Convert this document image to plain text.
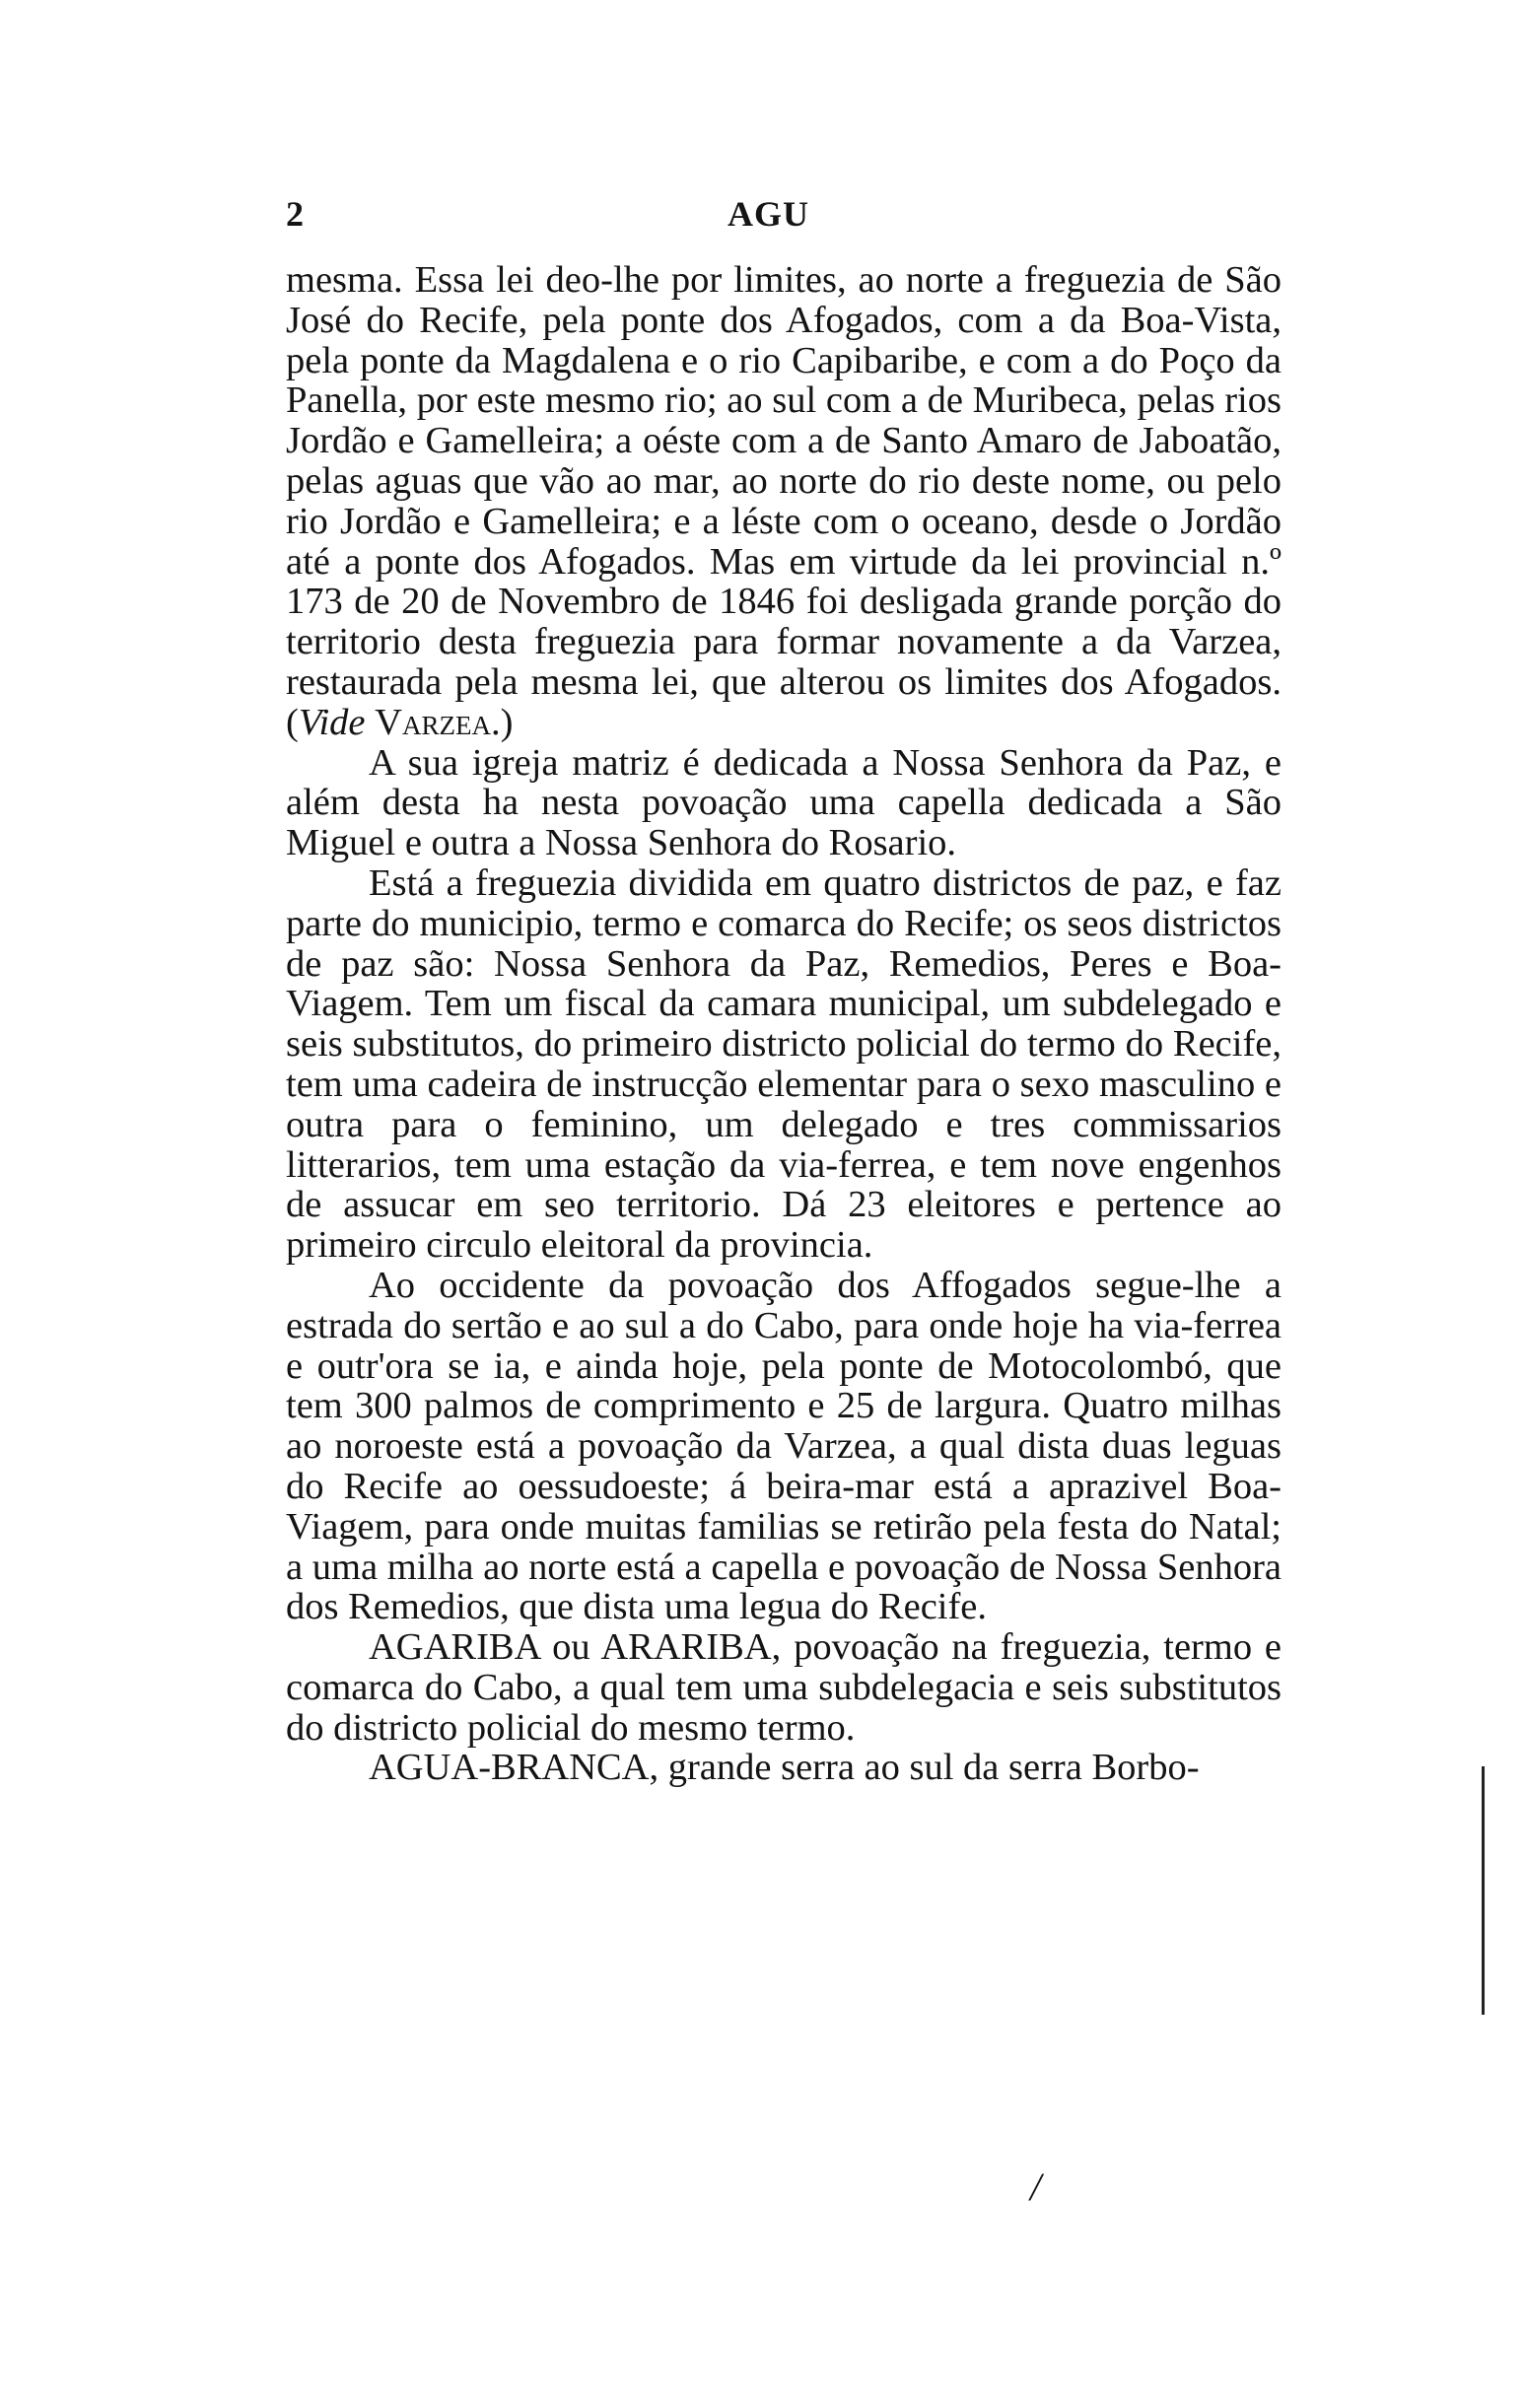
2	AGU

mesma. Essa lei deo-lhe por limites, ao norte a freguezia de São José do Recife, pela ponte dos Afogados, com a da Boa-Vista, pela ponte da Magdalena e o rio Capibaribe, e com a do Poço da Panella, por este mesmo rio; ao sul com a de Muribeca, pelas rios Jordão e Gamelleira; a oéste com a de Santo Amaro de Jaboatão, pelas aguas que vão ao mar, ao norte do rio deste nome, ou pelo rio Jordão e Gamelleira; e a léste com o oceano, desde o Jordão até a ponte dos Afogados. Mas em virtude da lei provincial n.º 173 de 20 de Novembro de 1846 foi desligada grande porção do territorio desta freguezia para formar novamente a da Varzea, restaurada pela mesma lei, que alterou os limites dos Afogados. (Vide Varzea.)

A sua igreja matriz é dedicada a Nossa Senhora da Paz, e além desta ha nesta povoação uma capella dedicada a São Miguel e outra a Nossa Senhora do Rosario.

Está a freguezia dividida em quatro districtos de paz, e faz parte do municipio, termo e comarca do Recife; os seos districtos de paz são: Nossa Senhora da Paz, Remedios, Peres e Boa-Viagem. Tem um fiscal da camara municipal, um subdelegado e seis substitutos, do primeiro districto policial do termo do Recife, tem uma cadeira de instrucção elementar para o sexo masculino e outra para o feminino, um delegado e tres commissarios litterarios, tem uma estação da via-ferrea, e tem nove engenhos de assucar em seo territorio. Dá 23 eleitores e pertence ao primeiro circulo eleitoral da provincia.

Ao occidente da povoação dos Affogados segue-lhe a estrada do sertão e ao sul a do Cabo, para onde hoje ha via-ferrea e outr'ora se ia, e ainda hoje, pela ponte de Motocolombó, que tem 300 palmos de comprimento e 25 de largura. Quatro milhas ao noroeste está a povoação da Varzea, a qual dista duas leguas do Recife ao oessudoeste; á beira-mar está a aprazivel Boa-Viagem, para onde muitas familias se retirão pela festa do Natal; a uma milha ao norte está a capella e povoação de Nossa Senhora dos Remedios, que dista uma legua do Recife.

AGARIBA ou ARARIBA, povoação na freguezia, termo e comarca do Cabo, a qual tem uma subdelegacia e seis substitutos do districto policial do mesmo termo.

AGUA-BRANCA, grande serra ao sul da serra Borbo-

/
